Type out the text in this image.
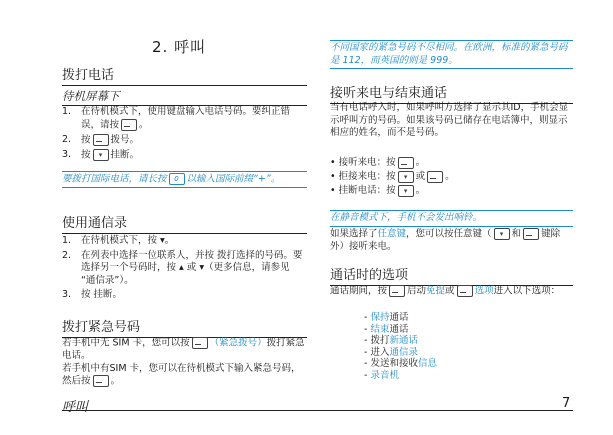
2. 呼叫
拨打电话
待机屏幕下
1. 在待机模式下，使用键盘输入电话号码。要纠正错误，请按 。
2. 按 拨号。
3. 按 ▾ 挂断。
要拨打国际电话，请长按 0 以输入国际前缀“+”。
使用通信录
1. 在待机模式下，按 ▾。
2. 在列表中选择一位联系人，并按 拨打选择的号码。要选择另一个号码时，按 ▴ 或 ▾（更多信息，请参见 “通信录”）。
3. 按 挂断。
拨打紧急号码
若手机中无 SIM 卡，您可以按 （紧急拨号）拨打紧急电话。
若手机中有SIM 卡，您可以在待机模式下输入紧急号码，然后按 。
不同国家的紧急号码不尽相同。在欧洲，标准的紧急号码是 112，而英国的则是 999。
接听来电与结束通话
当有电话呼入时，如果呼叫方选择了显示其ID，手机会显示呼叫方的号码。如果该号码已储存在电话簿中，则显示相应的姓名，而不是号码。
• 接听来电：按 。
• 拒接来电：按 ▾ 或 。
• 挂断电话：按 ▾ 。
在静音模式下，手机不会发出响铃。
如果选择了任意键，您可以按任意键（ ▾ 和 键除外）接听来电。
通话时的选项
通话期间，按 启动免提或 选项进入以下选项：
- 保持通话
- 结束通话
- 拨打新通话
- 进入通信录
- 发送和接收信息
- 录音机
呼叫	7
